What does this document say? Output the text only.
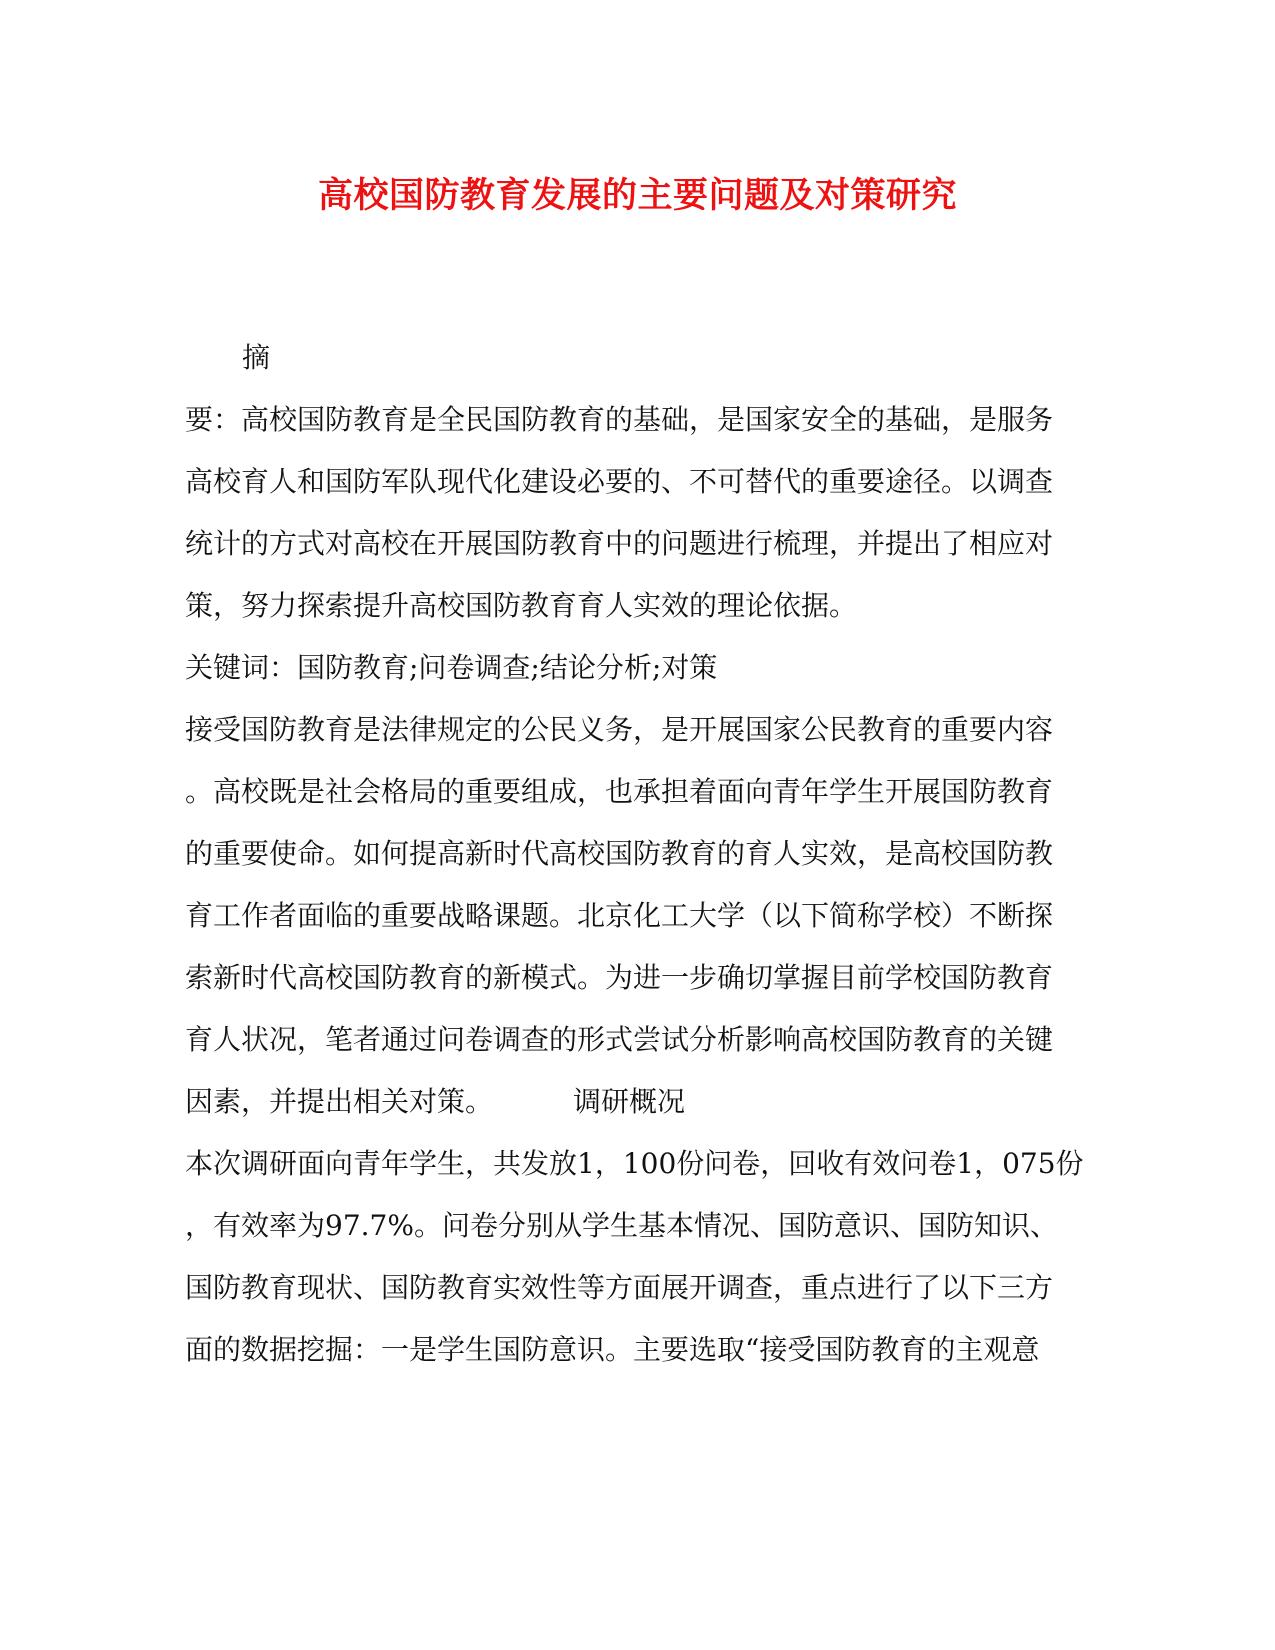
高校国防教育发展的主要问题及对策研究
摘
要：高校国防教育是全民国防教育的基础，是国家安全的基础，是服务
高校育人和国防军队现代化建设必要的、不可替代的重要途径。以调查
统计的方式对高校在开展国防教育中的问题进行梳理，并提出了相应对
策，努力探索提升高校国防教育育人实效的理论依据。
关键词：国防教育;问卷调查;结论分析;对策
接受国防教育是法律规定的公民义务，是开展国家公民教育的重要内容
。高校既是社会格局的重要组成，也承担着面向青年学生开展国防教育
的重要使命。如何提高新时代高校国防教育的育人实效，是高校国防教
育工作者面临的重要战略课题。北京化工大学（以下简称学校）不断探
索新时代高校国防教育的新模式。为进一步确切掌握目前学校国防教育
育人状况，笔者通过问卷调查的形式尝试分析影响高校国防教育的关键
因素，并提出相关对策。	调研概况
本次调研面向青年学生，共发放1，100份问卷，回收有效问卷1，075份
，有效率为97.7%。问卷分别从学生基本情况、国防意识、国防知识、
国防教育现状、国防教育实效性等方面展开调查，重点进行了以下三方
面的数据挖掘：一是学生国防意识。主要选取“接受国防教育的主观意
